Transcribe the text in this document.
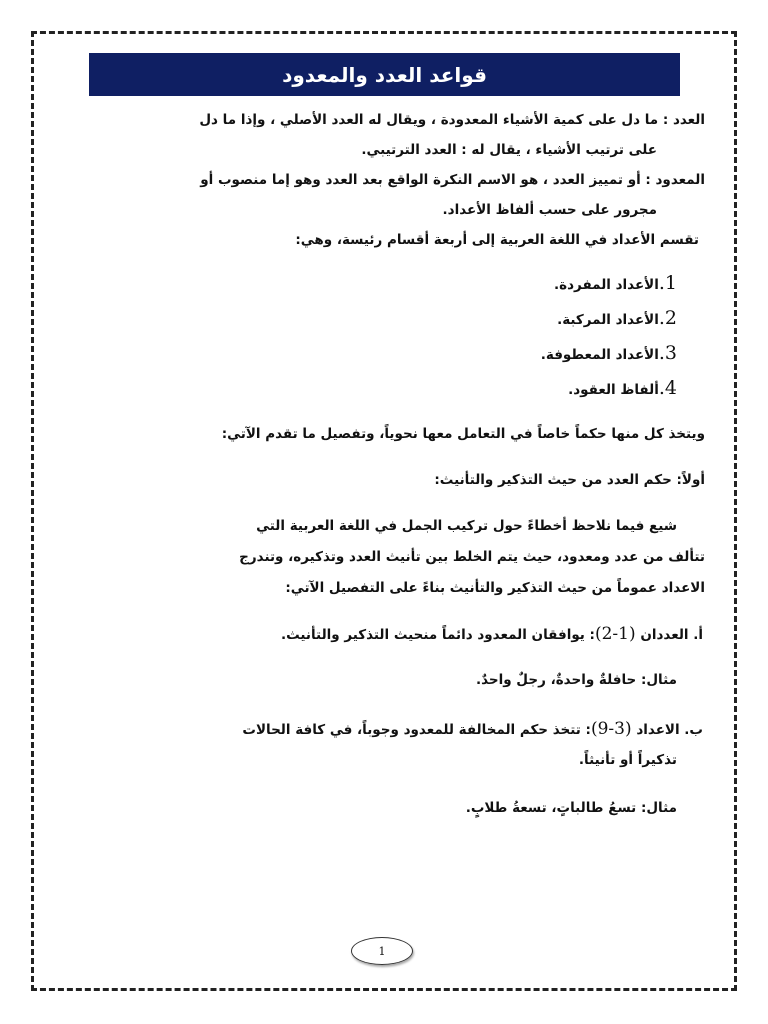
قواعد العدد والمعدود
العدد : ما دل على كمية الأشياء المعدودة ، ويقال له العدد الأصلي ، وإذا ما دل
على ترتيب الأشياء ، يقال له : العدد الترتيبي.
المعدود : أو تمييز العدد ، هو الاسم النكرة الواقع بعد العدد وهو إما منصوب أو
مجرور على حسب ألفاظ الأعداد.
تقسم الأعداد في اللغة العربية إلى أربعة أقسام رئيسة، وهي:
1.الأعداد المفردة.
2.الأعداد المركبة.
3.الأعداد المعطوفة.
4.ألفاظ العقود.
ويتخذ كل منها حكماً خاصاً في التعامل معها نحوياً، وتفصيل ما تقدم الآتي:
أولاً: حكم العدد من حيث التذكير والتأنيث:
شيع فيما نلاحظ أخطاءً حول تركيب الجمل في اللغة العربية التي
تتألف من عدد ومعدود، حيث يتم الخلط بين تأنيث العدد وتذكيره، وتندرج
الاعداد عموماً من حيث التذكير والتأنيث بناءً على التفصيل الآتي:
أ. العددان (1-2): يوافقان المعدود دائماً منحيث التذكير والتأنيث.
مثال: حافلةٌ واحدةٌ، رجلٌ واحدٌ.
ب. الاعداد (3-9): تتخذ حكم المخالفة للمعدود وجوباً، في كافة الحالات
تذكيراً أو تأنيثاً.
مثال: تسعُ طالباتٍ، تسعةُ طلابٍ.
1
